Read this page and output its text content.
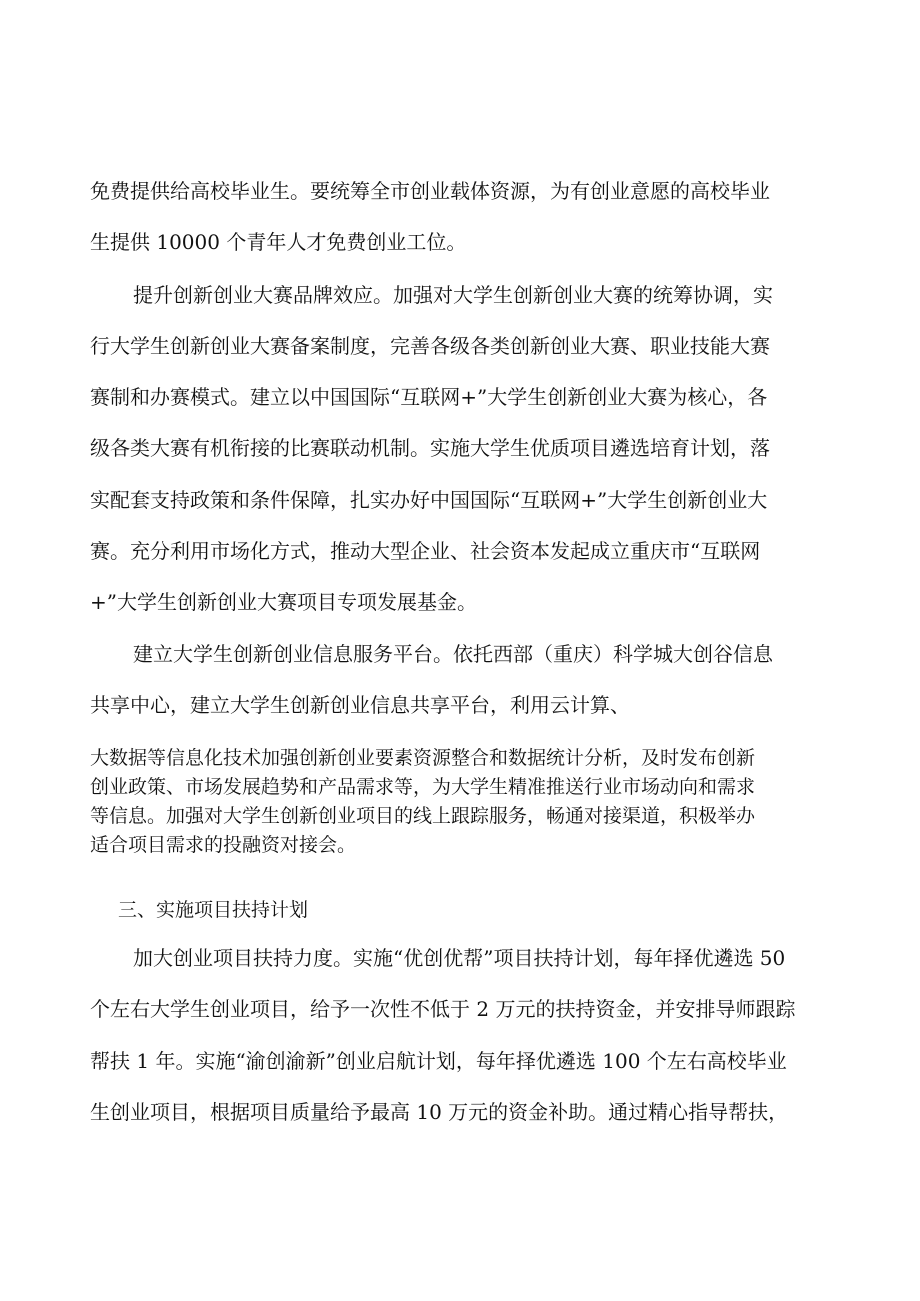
免费提供给高校毕业生。要统筹全市创业载体资源，为有创业意愿的高校毕业
生提供 10000 个青年人才免费创业工位。
提升创新创业大赛品牌效应。加强对大学生创新创业大赛的统筹协调，实
行大学生创新创业大赛备案制度，完善各级各类创新创业大赛、职业技能大赛
赛制和办赛模式。建立以中国国际“互联网+”大学生创新创业大赛为核心，各
级各类大赛有机衔接的比赛联动机制。实施大学生优质项目遴选培育计划，落
实配套支持政策和条件保障，扎实办好中国国际“互联网+”大学生创新创业大
赛。充分利用市场化方式，推动大型企业、社会资本发起成立重庆市“互联网
+”大学生创新创业大赛项目专项发展基金。
建立大学生创新创业信息服务平台。依托西部（重庆）科学城大创谷信息
共享中心，建立大学生创新创业信息共享平台，利用云计算、
大数据等信息化技术加强创新创业要素资源整合和数据统计分析，及时发布创新
创业政策、市场发展趋势和产品需求等，为大学生精准推送行业市场动向和需求
等信息。加强对大学生创新创业项目的线上跟踪服务，畅通对接渠道，积极举办
适合项目需求的投融资对接会。
三、实施项目扶持计划
加大创业项目扶持力度。实施“优创优帮”项目扶持计划，每年择优遴选 50
个左右大学生创业项目，给予一次性不低于 2 万元的扶持资金，并安排导师跟踪
帮扶 1 年。实施“渝创渝新”创业启航计划，每年择优遴选 100 个左右高校毕业
生创业项目，根据项目质量给予最高 10 万元的资金补助。通过精心指导帮扶，
